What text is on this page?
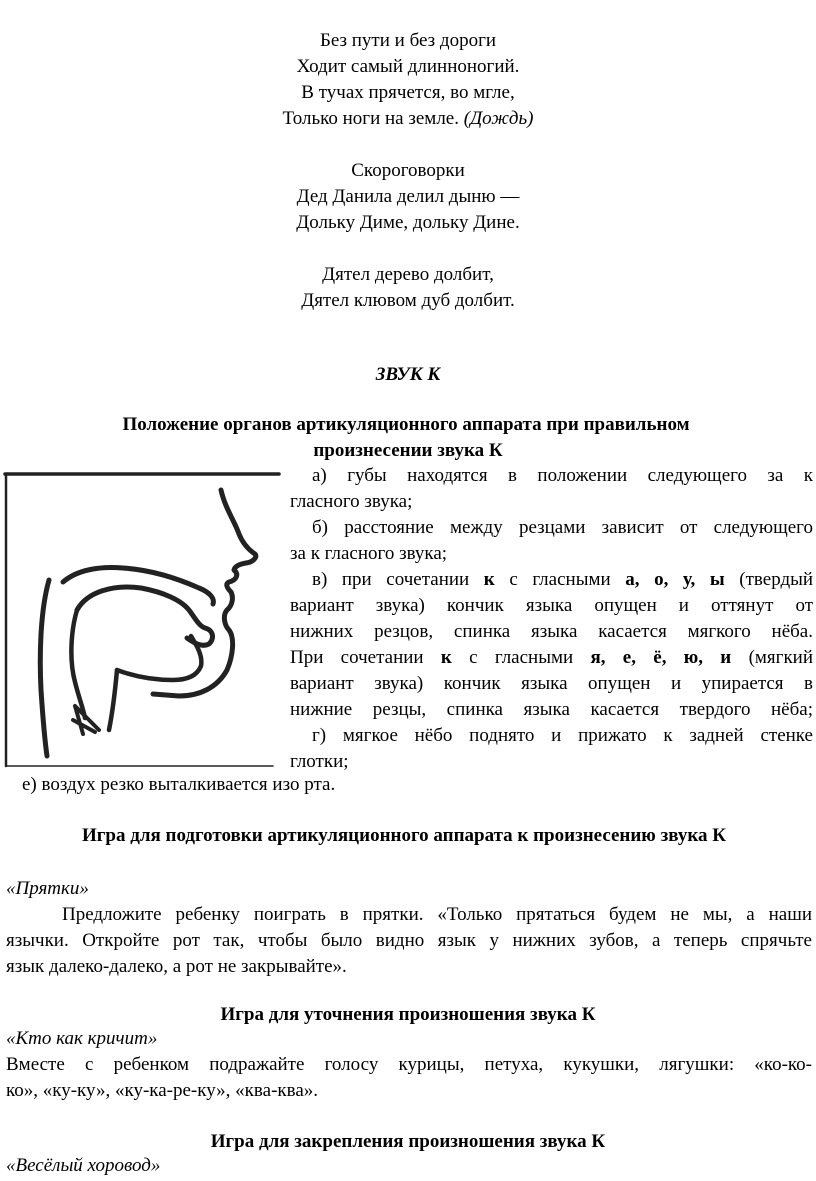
Без пути и без дороги
Ходит самый длинноногий.
В тучах прячется, во мгле,
Только ноги на земле. (Дождь)
Скороговорки
Дед Данила делил дыню —
Дольку Диме, дольку Дине.
Дятел дерево долбит,
Дятел клювом дуб долбит.
ЗВУК К
Положение органов артикуляционного аппарата при правильном
произнесении звука К
а) губы находятся в положении следующего за к
гласного звука;
б) расстояние между резцами зависит от следующего
за к гласного звука;
в) при сочетании к с гласными а, о, у, ы (твердый
вариант звука) кончик языка опущен и оттянут от
нижних резцов, спинка языка касается мягкого нёба.
При сочетании к с гласными я, е, ё, ю, и (мягкий
вариант звука) кончик языка опущен и упирается в
нижние резцы, спинка языка касается твердого нёба;
г) мягкое нёбо поднято и прижато к задней стенке
глотки;
е) воздух резко выталкивается изо рта.
Игра для подготовки артикуляционного аппарата к произнесению звука К
«Прятки»
Предложите ребенку поиграть в прятки. «Только прятаться будем не мы, а наши
язычки. Откройте рот так, чтобы было видно язык у нижних зубов, а теперь спрячьте
язык далеко-далеко, а рот не закрывайте».
Игра для уточнения произношения звука К
«Кто как кричит»
Вместе с ребенком подражайте голосу курицы, петуха, кукушки, лягушки: «ко-ко-
ко», «ку-ку», «ку-ка-ре-ку», «ква-ква».
Игра для закрепления произношения звука К
«Весёлый хоровод»
